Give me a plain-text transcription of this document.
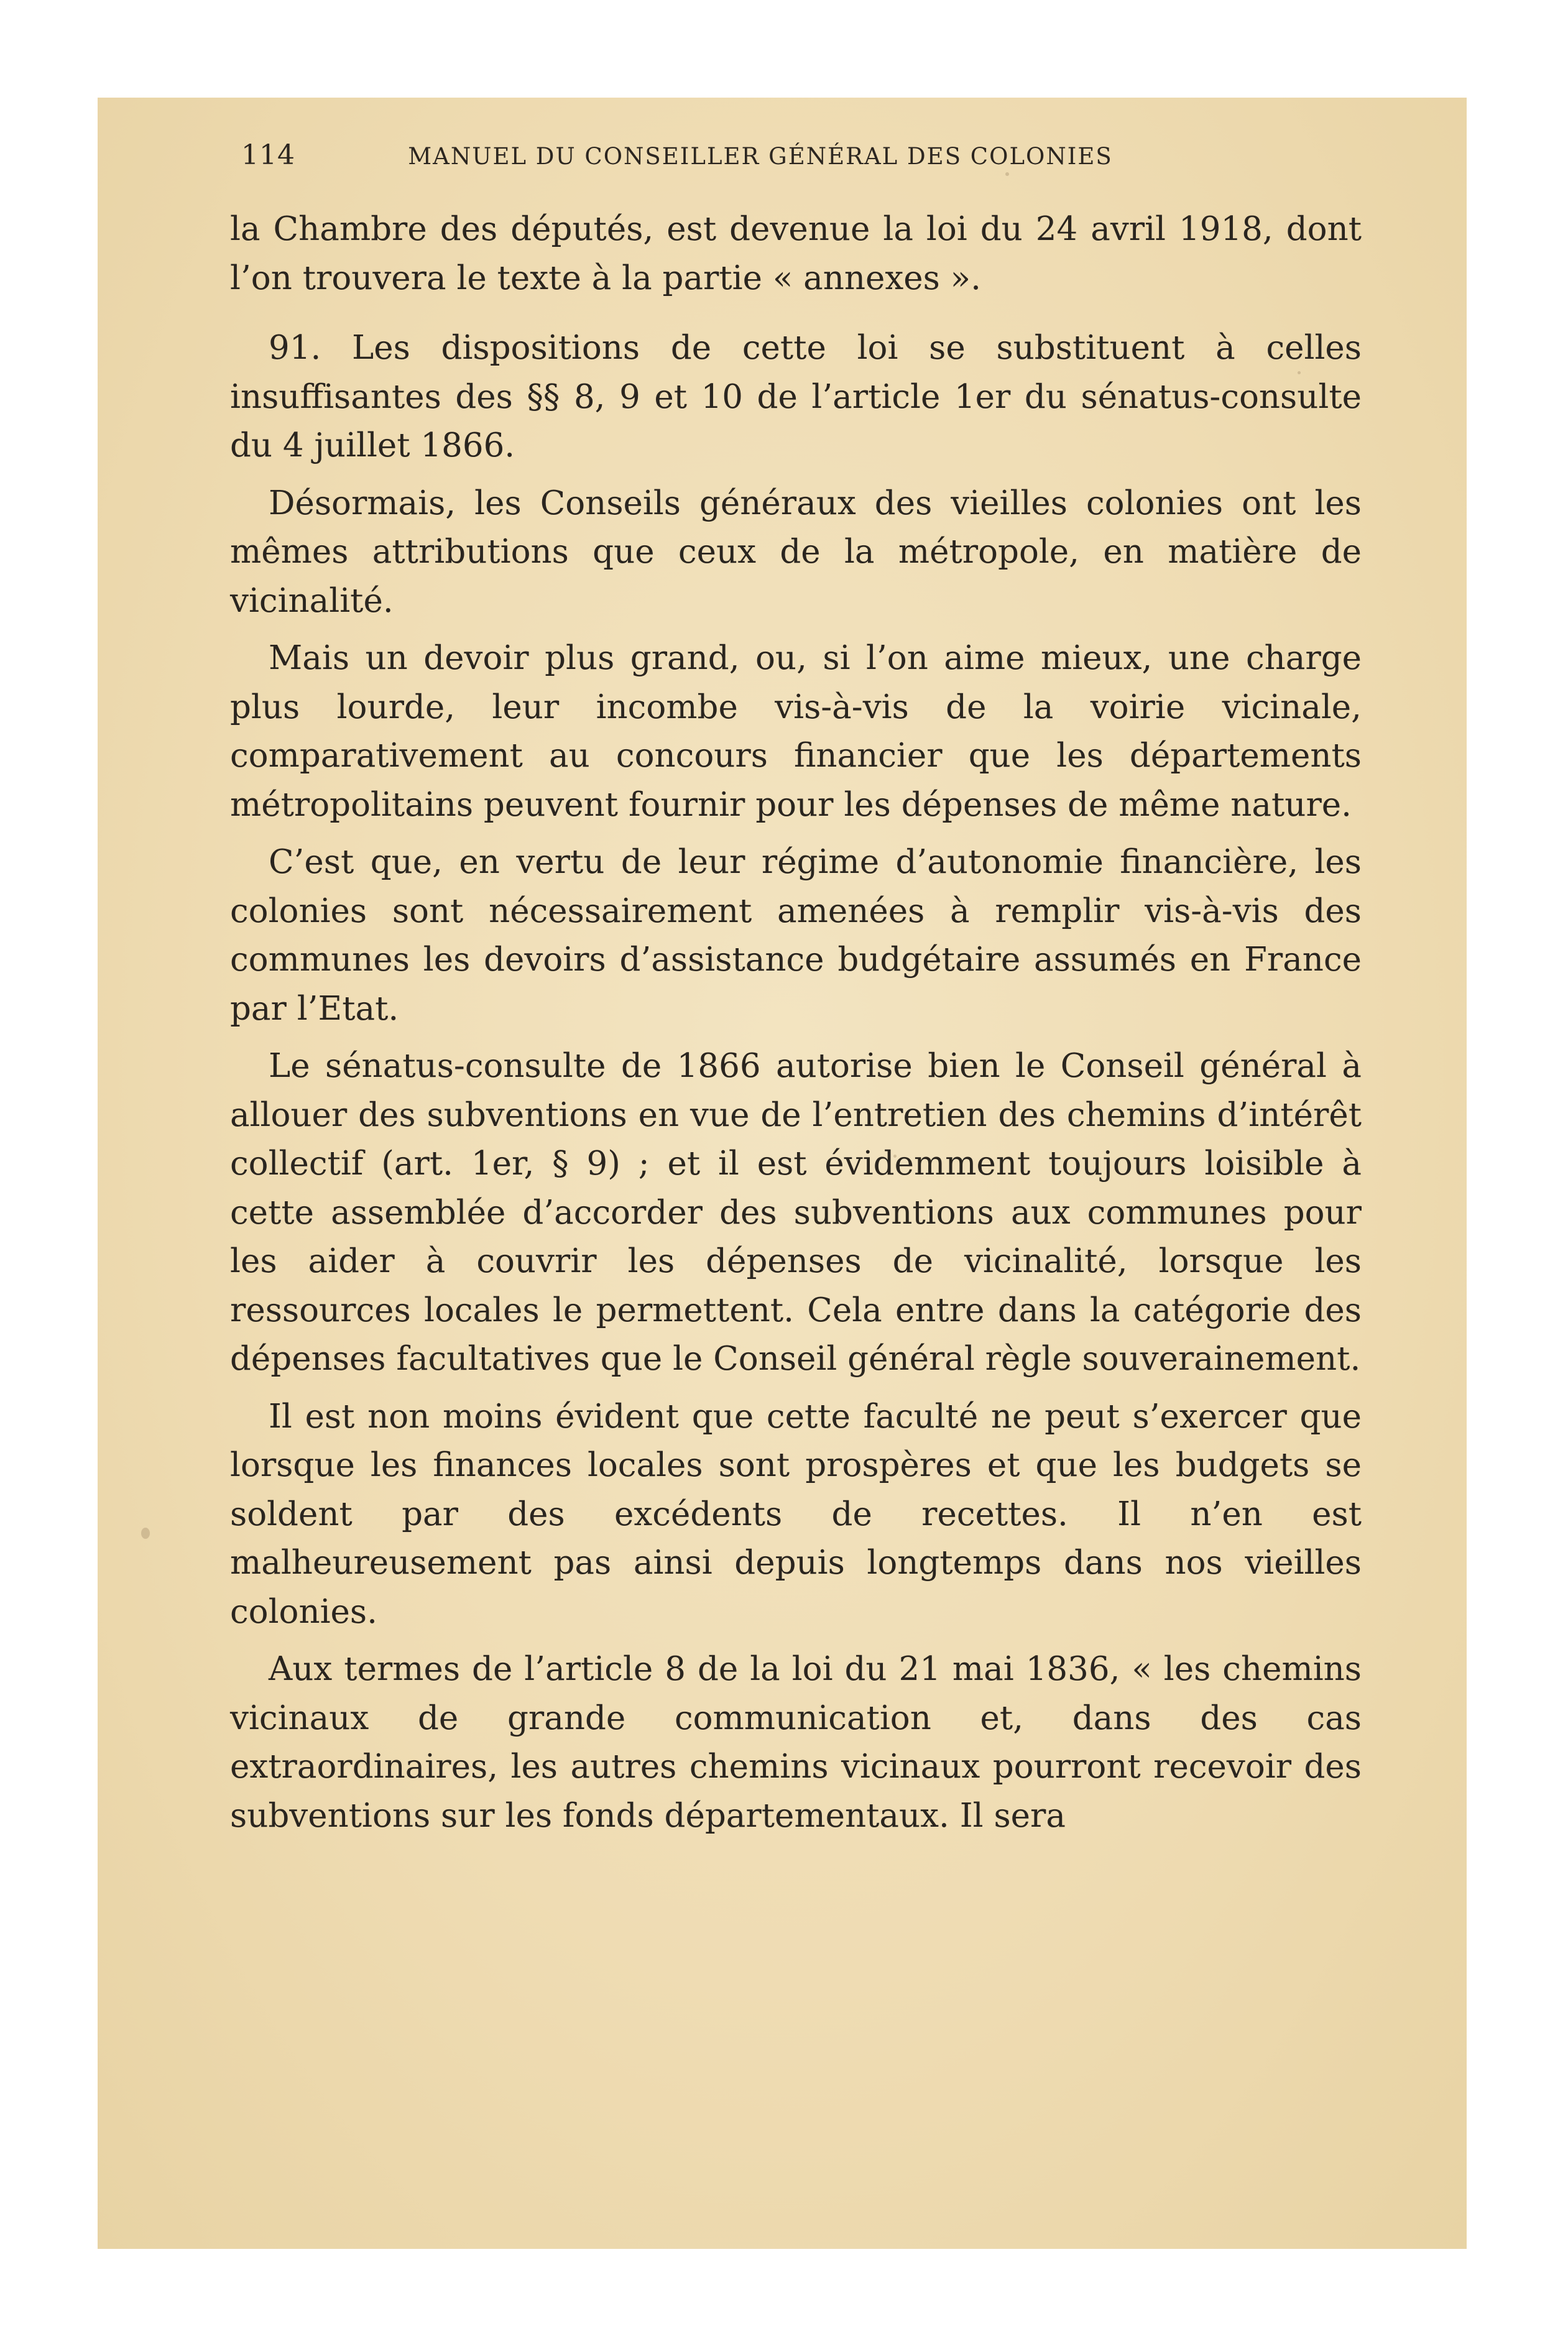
114	MANUEL DU CONSEILLER GÉNÉRAL DES COLONIES

la Chambre des députés, est devenue la loi du 24 avril 1918, dont l’on trouvera le texte à la partie « annexes ».

91. Les dispositions de cette loi se substituent à celles insuffisantes des §§ 8, 9 et 10 de l’article 1er du sénatus-consulte du 4 juillet 1866.

Désormais, les Conseils généraux des vieilles colonies ont les mêmes attributions que ceux de la métropole, en matière de vicinalité.

Mais un devoir plus grand, ou, si l’on aime mieux, une charge plus lourde, leur incombe vis-à-vis de la voirie vicinale, comparativement au concours financier que les départements métropolitains peuvent fournir pour les dépenses de même nature.

C’est que, en vertu de leur régime d’autonomie financière, les colonies sont nécessairement amenées à remplir vis-à-vis des communes les devoirs d’assistance budgétaire assumés en France par l’Etat.

Le sénatus-consulte de 1866 autorise bien le Conseil général à allouer des subventions en vue de l’entretien des chemins d’intérêt collectif (art. 1er, § 9) ; et il est évidemment toujours loisible à cette assemblée d’accorder des subventions aux communes pour les aider à couvrir les dépenses de vicinalité, lorsque les ressources locales le permettent. Cela entre dans la catégorie des dépenses facultatives que le Conseil général règle souverainement.

Il est non moins évident que cette faculté ne peut s’exercer que lorsque les finances locales sont prospères et que les budgets se soldent par des excédents de recettes. Il n’en est malheureusement pas ainsi depuis longtemps dans nos vieilles colonies.

Aux termes de l’article 8 de la loi du 21 mai 1836, « les chemins vicinaux de grande communication et, dans des cas extraordinaires, les autres chemins vicinaux pourront recevoir des subventions sur les fonds départementaux. Il sera
